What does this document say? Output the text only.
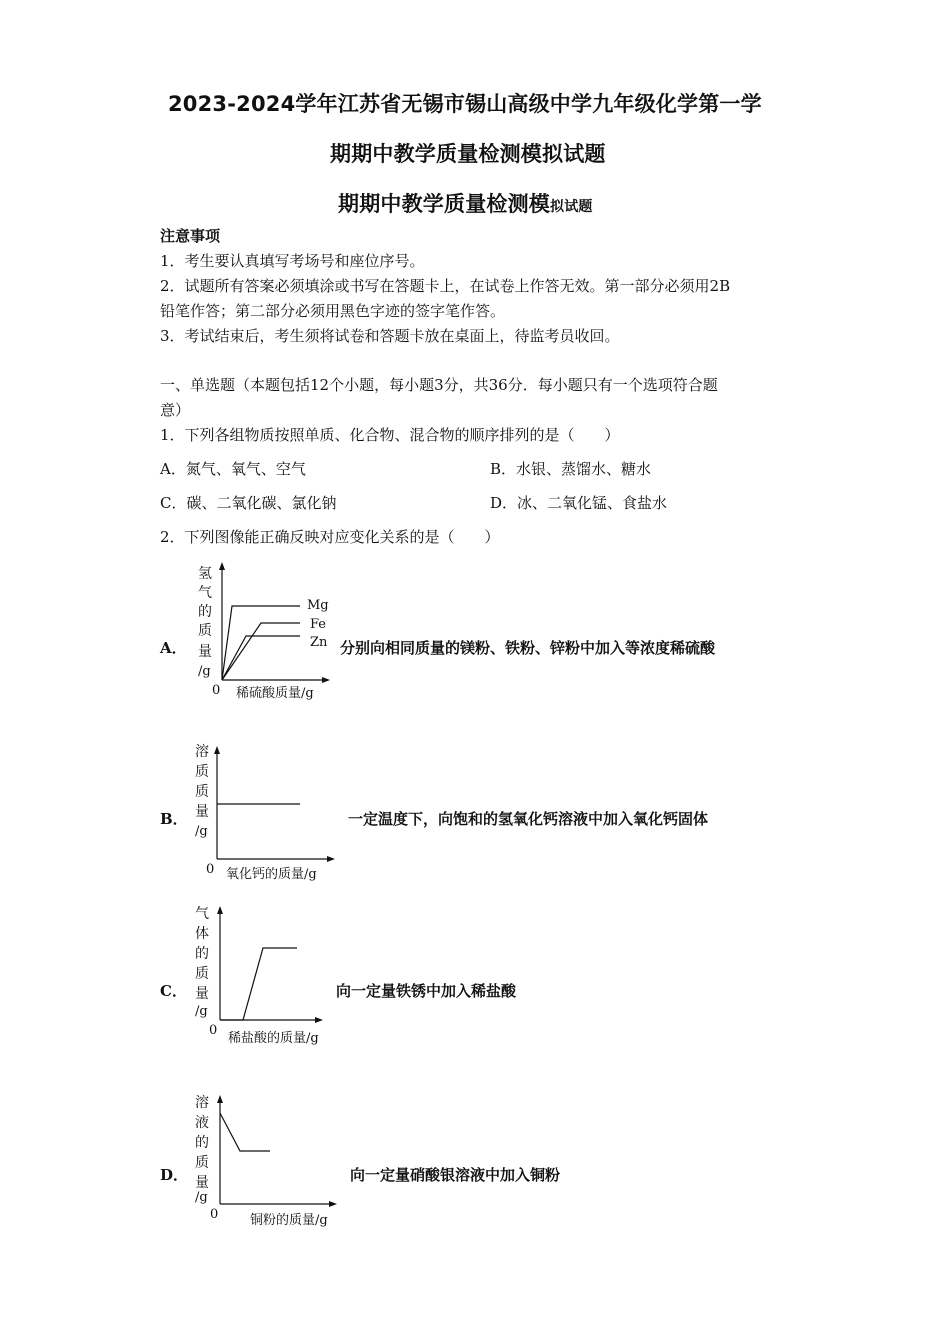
2023-2024学年江苏省无锡市锡山高级中学九年级化学第一学
期期中教学质量检测模拟试题
期期中教学质量检测模拟试题
注意事项
1．考生要认真填写考场号和座位序号。
2．试题所有答案必须填涂或书写在答题卡上，在试卷上作答无效。第一部分必须用2B
铅笔作答；第二部分必须用黑色字迹的签字笔作答。
3．考试结束后，考生须将试卷和答题卡放在桌面上，待监考员收回。
一、单选题（本题包括12个小题，每小题3分，共36分．每小题只有一个选项符合题
意）
1．下列各组物质按照单质、化合物、混合物的顺序排列的是（　　）
A．氮气、氧气、空气	B．水银、蒸馏水、糖水
C．碳、二氧化碳、氯化钠	D．冰、二氧化锰、食盐水
2．下列图像能正确反映对应变化关系的是（　　）
A．	分别向相同质量的镁粉、铁粉、锌粉中加入等浓度稀硫酸
氢
气
的
质
量
/g
0 稀硫酸质量/g
Mg
Fe
Zn
B．	一定温度下，向饱和的氢氧化钙溶液中加入氧化钙固体
溶
质
质
量
/g
0 氧化钙的质量/g
C．	向一定量铁锈中加入稀盐酸
气
体
的
质
量
/g
0
稀盐酸的质量/g
D．	向一定量硝酸银溶液中加入铜粉
溶
液
的
质
量
/g
0 铜粉的质量/g
